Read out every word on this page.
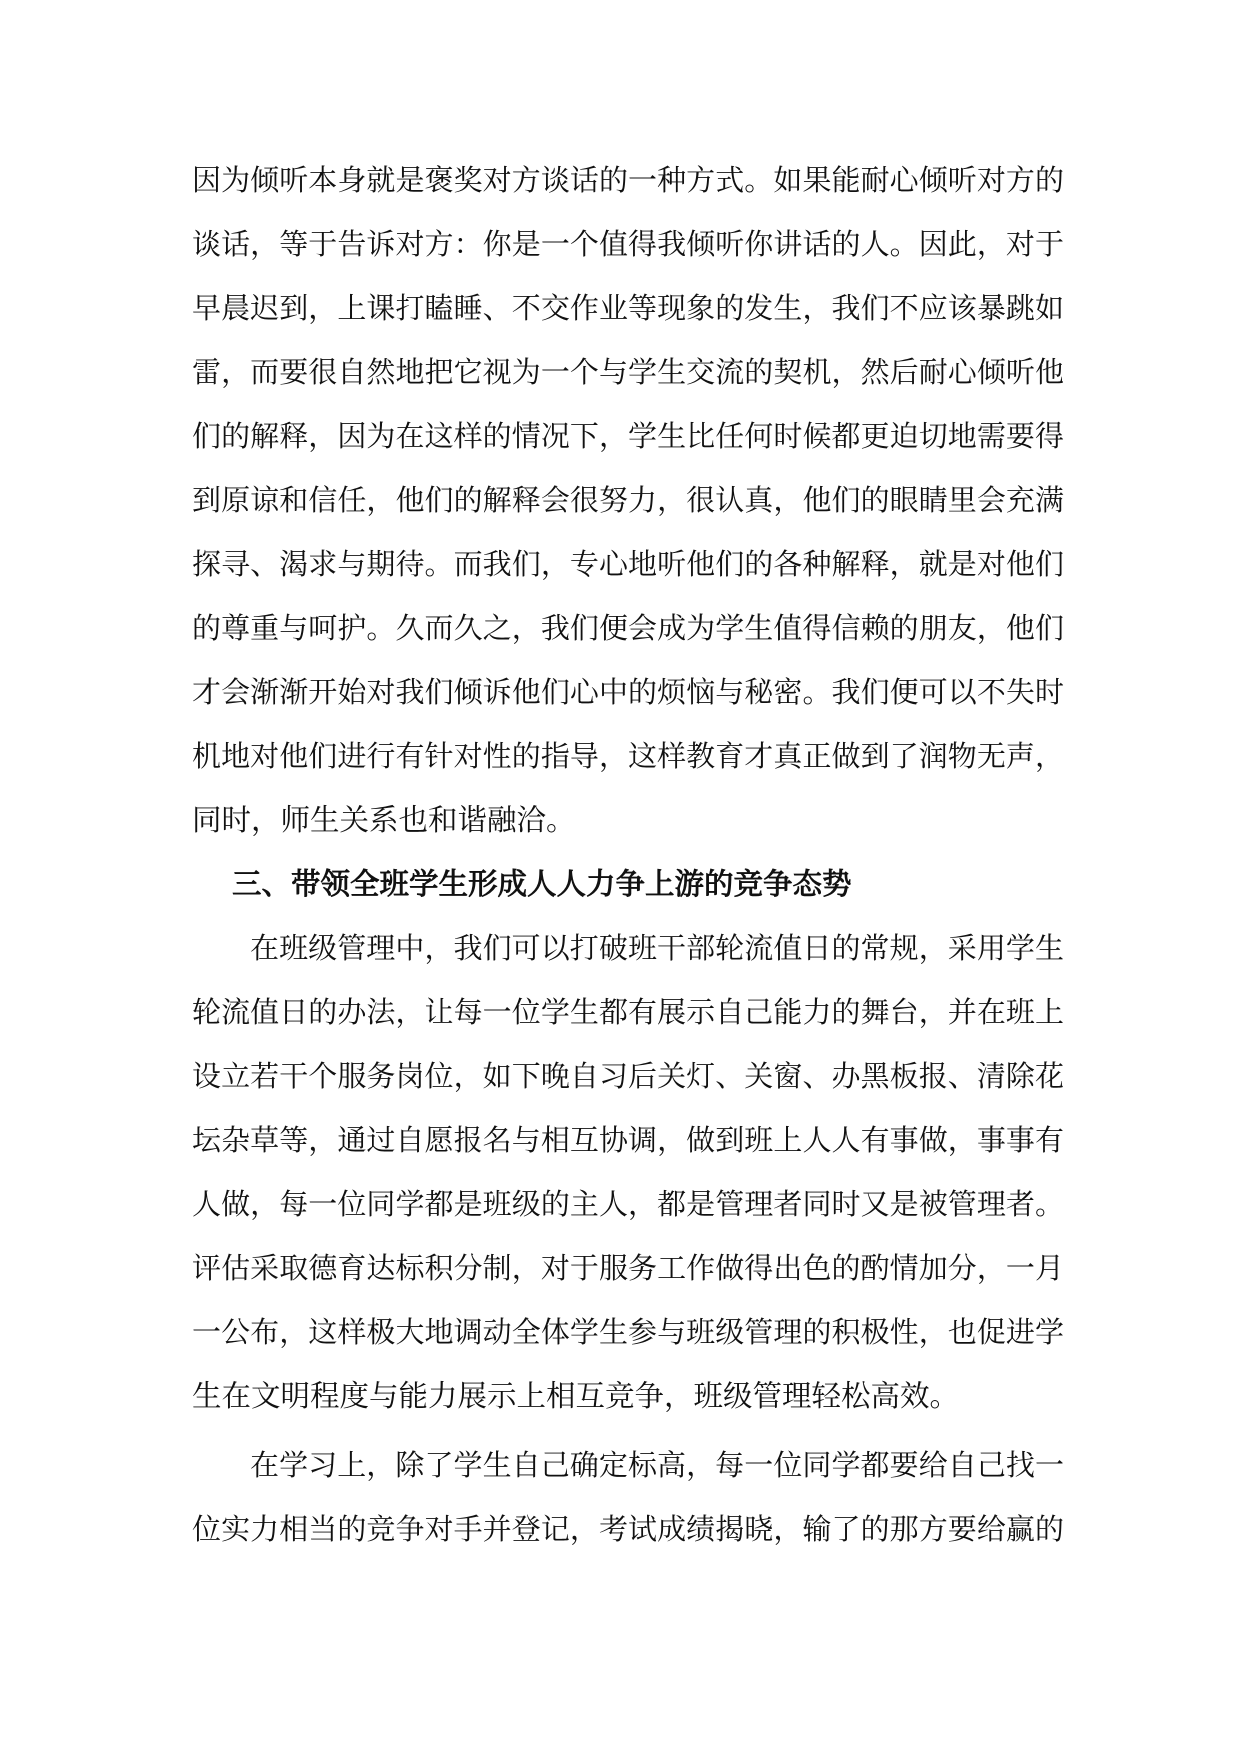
因为倾听本身就是褒奖对方谈话的一种方式。如果能耐心倾听对方的
谈话，等于告诉对方：你是一个值得我倾听你讲话的人。因此，对于
早晨迟到，上课打瞌睡、不交作业等现象的发生，我们不应该暴跳如
雷，而要很自然地把它视为一个与学生交流的契机，然后耐心倾听他
们的解释，因为在这样的情况下，学生比任何时候都更迫切地需要得
到原谅和信任，他们的解释会很努力，很认真，他们的眼睛里会充满
探寻、渴求与期待。而我们，专心地听他们的各种解释，就是对他们
的尊重与呵护。久而久之，我们便会成为学生值得信赖的朋友，他们
才会渐渐开始对我们倾诉他们心中的烦恼与秘密。我们便可以不失时
机地对他们进行有针对性的指导，这样教育才真正做到了润物无声，
同时，师生关系也和谐融洽。
三、带领全班学生形成人人力争上游的竞争态势
在班级管理中，我们可以打破班干部轮流值日的常规，采用学生
轮流值日的办法，让每一位学生都有展示自己能力的舞台，并在班上
设立若干个服务岗位，如下晚自习后关灯、关窗、办黑板报、清除花
坛杂草等，通过自愿报名与相互协调，做到班上人人有事做，事事有
人做，每一位同学都是班级的主人，都是管理者同时又是被管理者。
评估采取德育达标积分制，对于服务工作做得出色的酌情加分，一月
一公布，这样极大地调动全体学生参与班级管理的积极性，也促进学
生在文明程度与能力展示上相互竞争，班级管理轻松高效。
在学习上，除了学生自己确定标高，每一位同学都要给自己找一
位实力相当的竞争对手并登记，考试成绩揭晓，输了的那方要给赢的
